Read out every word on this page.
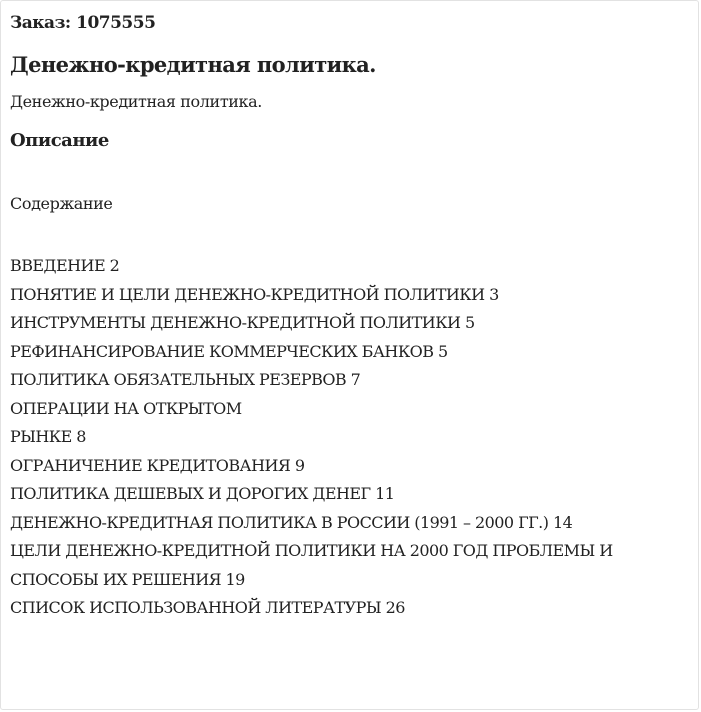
Заказ: 1075555
Денежно-кредитная политика.
Денежно-кредитная политика.
Описание
Содержание
ВВЕДЕНИЕ 2
ПОНЯТИЕ И ЦЕЛИ ДЕНЕЖНО-КРЕДИТНОЙ ПОЛИТИКИ 3
ИНСТРУМЕНТЫ ДЕНЕЖНО-КРЕДИТНОЙ ПОЛИТИКИ 5
РЕФИНАНСИРОВАНИЕ КОММЕРЧЕСКИХ БАНКОВ 5
ПОЛИТИКА ОБЯЗАТЕЛЬНЫХ РЕЗЕРВОВ 7
ОПЕРАЦИИ НА ОТКРЫТОМ
РЫНКЕ 8
ОГРАНИЧЕНИЕ КРЕДИТОВАНИЯ 9
ПОЛИТИКА ДЕШЕВЫХ И ДОРОГИХ ДЕНЕГ 11
ДЕНЕЖНО-КРЕДИТНАЯ ПОЛИТИКА В РОССИИ (1991 – 2000 ГГ.) 14
ЦЕЛИ ДЕНЕЖНО-КРЕДИТНОЙ ПОЛИТИКИ НА 2000 ГОД ПРОБЛЕМЫ И
СПОСОБЫ ИХ РЕШЕНИЯ 19
СПИСОК ИСПОЛЬЗОВАННОЙ ЛИТЕРАТУРЫ 26
